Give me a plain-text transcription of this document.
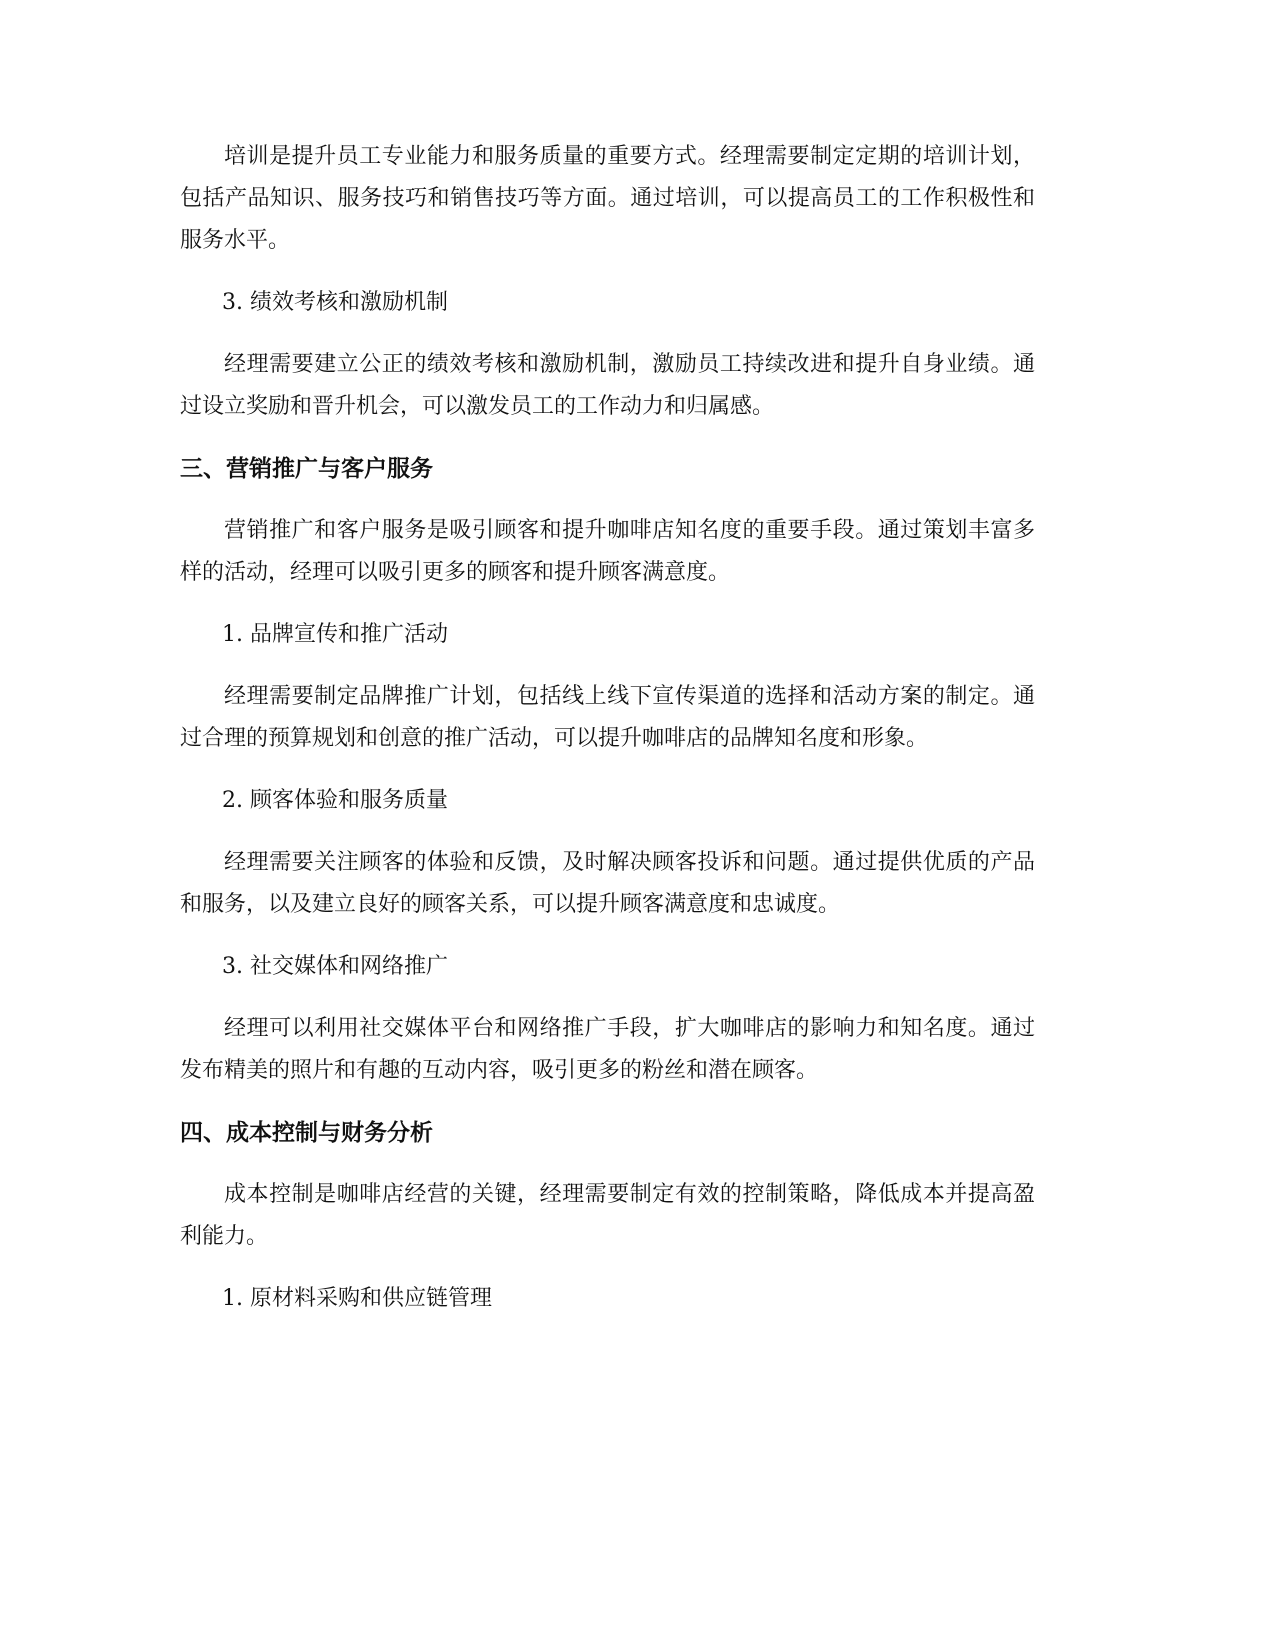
培训是提升员工专业能力和服务质量的重要方式。经理需要制定定期的培训计划，包括产品知识、服务技巧和销售技巧等方面。通过培训，可以提高员工的工作积极性和服务水平。

3. 绩效考核和激励机制

经理需要建立公正的绩效考核和激励机制，激励员工持续改进和提升自身业绩。通过设立奖励和晋升机会，可以激发员工的工作动力和归属感。

三、营销推广与客户服务

营销推广和客户服务是吸引顾客和提升咖啡店知名度的重要手段。通过策划丰富多样的活动，经理可以吸引更多的顾客和提升顾客满意度。

1. 品牌宣传和推广活动

经理需要制定品牌推广计划，包括线上线下宣传渠道的选择和活动方案的制定。通过合理的预算规划和创意的推广活动，可以提升咖啡店的品牌知名度和形象。

2. 顾客体验和服务质量

经理需要关注顾客的体验和反馈，及时解决顾客投诉和问题。通过提供优质的产品和服务，以及建立良好的顾客关系，可以提升顾客满意度和忠诚度。

3. 社交媒体和网络推广

经理可以利用社交媒体平台和网络推广手段，扩大咖啡店的影响力和知名度。通过发布精美的照片和有趣的互动内容，吸引更多的粉丝和潜在顾客。

四、成本控制与财务分析

成本控制是咖啡店经营的关键，经理需要制定有效的控制策略，降低成本并提高盈利能力。

1. 原材料采购和供应链管理
